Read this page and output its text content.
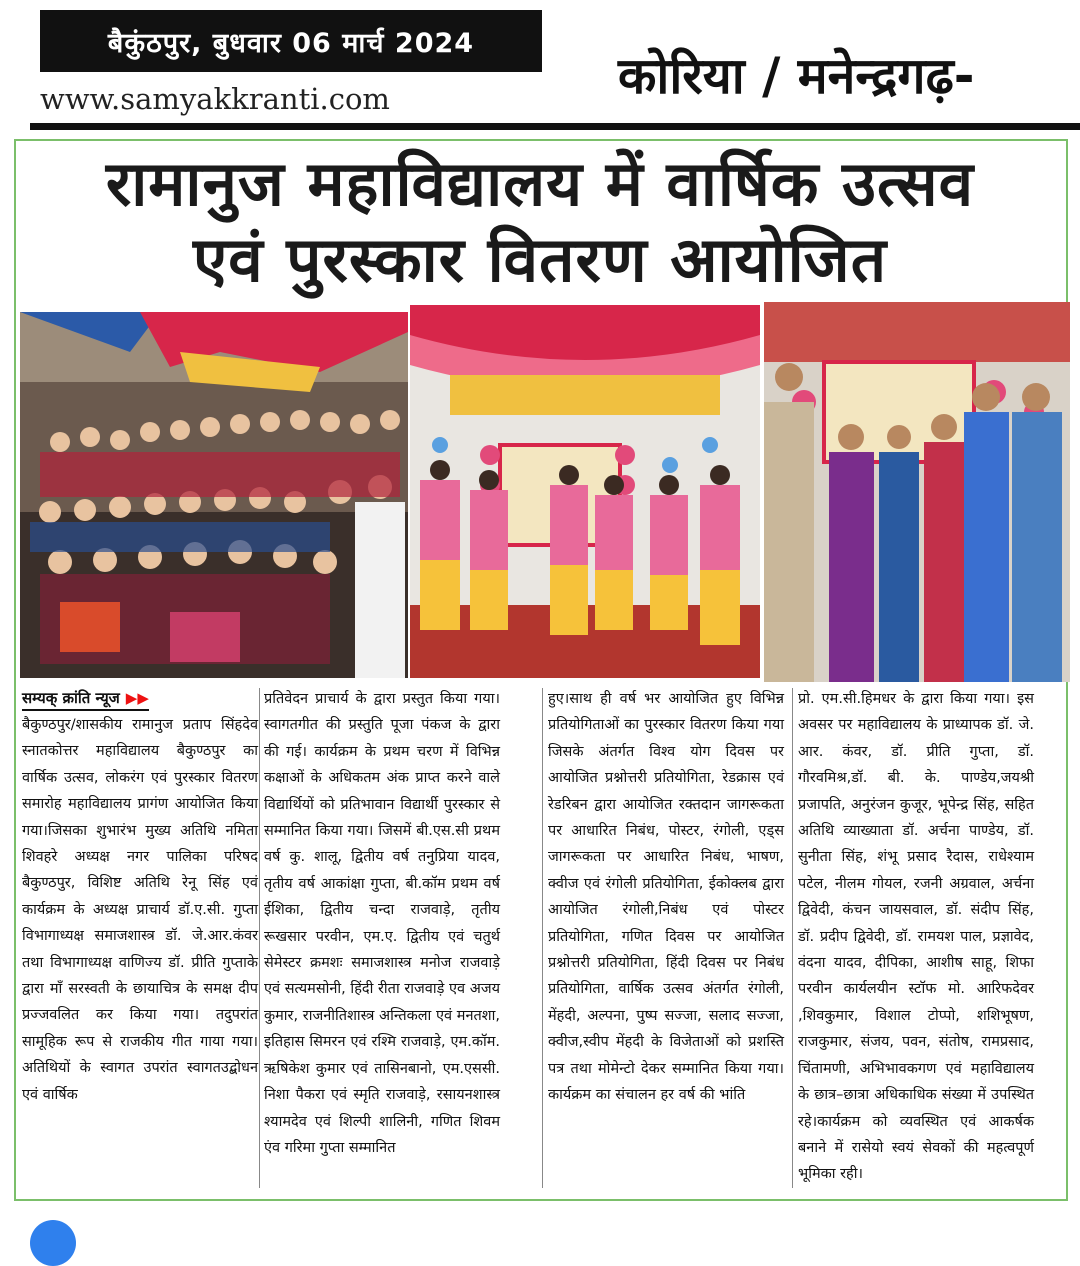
बैकुंठपुर, बुधवार 06 मार्च 2024
www.samyakkranti.com	कोरिया / मनेन्द्रगढ़-
रामानुज महाविद्यालय में वार्षिक उत्सव
एवं पुरस्कार वितरण आयोजित
सम्यक् क्रांति न्यूज ▶▶
बैकुण्ठपुर/शासकीय रामानुज प्रताप सिंहदेव स्नातकोत्तर महाविद्यालय बैकुण्ठपुर का वार्षिक उत्सव, लोकरंग एवं पुरस्कार वितरण समारोह महाविद्यालय प्रागंण आयोजित किया गया।जिसका शुभारंभ मुख्य अतिथि नमिता शिवहरे अध्यक्ष नगर पालिका परिषद बैकुण्ठपुर, विशिष्ट अतिथि रेनू सिंह एवं कार्यक्रम के अध्यक्ष प्राचार्य डॉ.ए.सी. गुप्ता विभागाध्यक्ष समाजशास्त्र डॉ. जे.आर.कंवर तथा विभागाध्यक्ष वाणिज्य डॉ. प्रीति गुप्ताके द्वारा मॉं सरस्वती के छायाचित्र के समक्ष दीप प्रज्जवलित कर किया गया। तदुपरांत सामूहिक रूप से राजकीय गीत गाया गया। अतिथियों के स्वागत उपरांत स्वागतउद्बोधन एवं वार्षिक
प्रतिवेदन प्राचार्य के द्वारा प्रस्तुत किया गया। स्वागतगीत की प्रस्तुति पूजा पंकज के द्वारा की गई। कार्यक्रम के प्रथम चरण में विभिन्न कक्षाओं के अधिकतम अंक प्राप्त करने वाले विद्यार्थियों को प्रतिभावान विद्यार्थी पुरस्कार से सम्मानित किया गया। जिसमें बी.एस.सी प्रथम वर्ष कु. शालू, द्वितीय वर्ष तनुप्रिया यादव, तृतीय वर्ष आकांक्षा गुप्ता, बी.कॉम प्रथम वर्ष ईशिका, द्वितीय चन्दा राजवाड़े, तृतीय रूखसार परवीन, एम.ए. द्वितीय एवं चतुर्थ सेमेस्टर क्रमशः समाजशास्त्र मनोज राजवाड़े एवं सत्यमसोनी, हिंदी रीता राजवाड़े एव अजय कुमार, राजनीतिशास्त्र अन्तिकला एवं मनतशा, इतिहास सिमरन एवं रश्मि राजवाड़े, एम.कॉम. ऋषिकेश कुमार एवं तासिनबानो, एम.एससी. निशा पैकरा एवं स्मृति राजवाड़े, रसायनशास्त्र श्यामदेव एवं शिल्पी शालिनी, गणित शिवम एंव गरिमा गुप्ता सम्मानित
हुए।साथ ही वर्ष भर आयोजित हुए विभिन्न प्रतियोगिताओं का पुरस्कार वितरण किया गया जिसके अंतर्गत विश्व योग दिवस पर आयोजित प्रश्नोत्तरी प्रतियोगिता, रेडक्रास एवं रेडरिबन द्वारा आयोजित रक्तदान जागरूकता पर आधारित निबंध, पोस्टर, रंगोली, एड्स जागरूकता पर आधारित निबंध, भाषण, क्वीज एवं रंगोली प्रतियोगिता, ईकोक्लब द्वारा आयोजित रंगोली,निबंध एवं पोस्टर प्रतियोगिता, गणित दिवस पर आयोजित प्रश्नोत्तरी प्रतियोगिता, हिंदी दिवस पर निबंध प्रतियोगिता, वार्षिक उत्सव अंतर्गत रंगोली, मेंहदी, अल्पना, पुष्प सज्जा, सलाद सज्जा, क्वीज,स्वीप मेंहदी के विजेताओं को प्रशस्ति पत्र तथा मोमेन्टो देकर सम्मानित किया गया। कार्यक्रम का संचालन हर वर्ष की भांति
प्रो. एम.सी.हिमधर के द्वारा किया गया। इस अवसर पर महाविद्यालय के प्राध्यापक डॉ. जे. आर. कंवर, डॉ. प्रीति गुप्ता, डॉ. गौरवमिश्र,डॉ. बी. के. पाण्डेय,जयश्री प्रजापति, अनुरंजन कुजूर, भूपेन्द्र सिंह, सहित अतिथि व्याख्याता डॉ. अर्चना पाण्डेय, डॉ. सुनीता सिंह, शंभू प्रसाद रैदास, राधेश्याम पटेल, नीलम गोयल, रजनी अग्रवाल, अर्चना द्विवेदी, कंचन जायसवाल, डॉ. संदीप सिंह, डॉ. प्रदीप द्विवेदी, डॉ. रामयश पाल, प्रज्ञावेद, वंदना यादव, दीपिका, आशीष साहू, शिफा परवीन कार्यलयीन स्टॉफ मो. आरिफदेवर ,शिवकुमार, विशाल टोप्पो, शशिभूषण, राजकुमार, संजय, पवन, संतोष, रामप्रसाद, चिंतामणी, अभिभावकगण एवं महाविद्यालय के छात्र–छात्रा अधिकाधिक संख्या में उपस्थित रहे।कार्यक्रम को व्यवस्थित एवं आकर्षक बनाने में रासेयो स्वयं सेवकों की महत्वपूर्ण भूमिका रही।
